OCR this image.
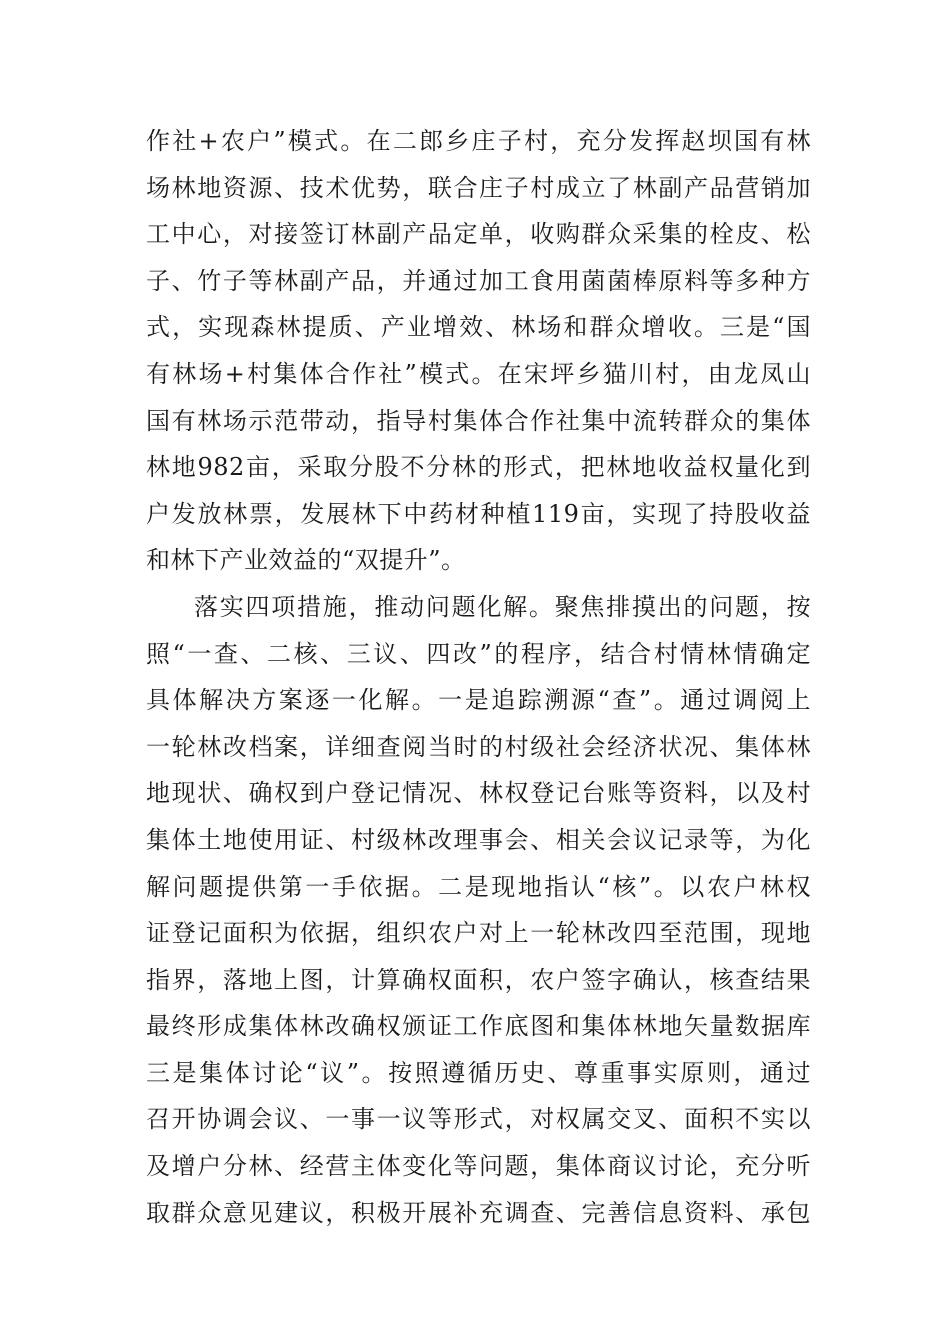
作社+农户”模式。在二郎乡庄子村，充分发挥赵坝国有林
场林地资源、技术优势，联合庄子村成立了林副产品营销加
工中心，对接签订林副产品定单，收购群众采集的栓皮、松
子、竹子等林副产品，并通过加工食用菌菌棒原料等多种方
式，实现森林提质、产业增效、林场和群众增收。三是“国
有林场+村集体合作社”模式。在宋坪乡猫川村，由龙凤山
国有林场示范带动，指导村集体合作社集中流转群众的集体
林地982亩，采取分股不分林的形式，把林地收益权量化到
户发放林票，发展林下中药材种植119亩，实现了持股收益
和林下产业效益的“双提升”。
落实四项措施，推动问题化解。聚焦排摸出的问题，按
照“一查、二核、三议、四改”的程序，结合村情林情确定
具体解决方案逐一化解。一是追踪溯源“查”。通过调阅上
一轮林改档案，详细查阅当时的村级社会经济状况、集体林
地现状、确权到户登记情况、林权登记台账等资料，以及村
集体土地使用证、村级林改理事会、相关会议记录等，为化
解问题提供第一手依据。二是现地指认“核”。以农户林权
证登记面积为依据，组织农户对上一轮林改四至范围，现地
指界，落地上图，计算确权面积，农户签字确认，核查结果
最终形成集体林改确权颁证工作底图和集体林地矢量数据库
三是集体讨论“议”。按照遵循历史、尊重事实原则，通过
召开协调会议、一事一议等形式，对权属交叉、面积不实以
及增户分林、经营主体变化等问题，集体商议讨论，充分听
取群众意见建议，积极开展补充调查、完善信息资料、承包
